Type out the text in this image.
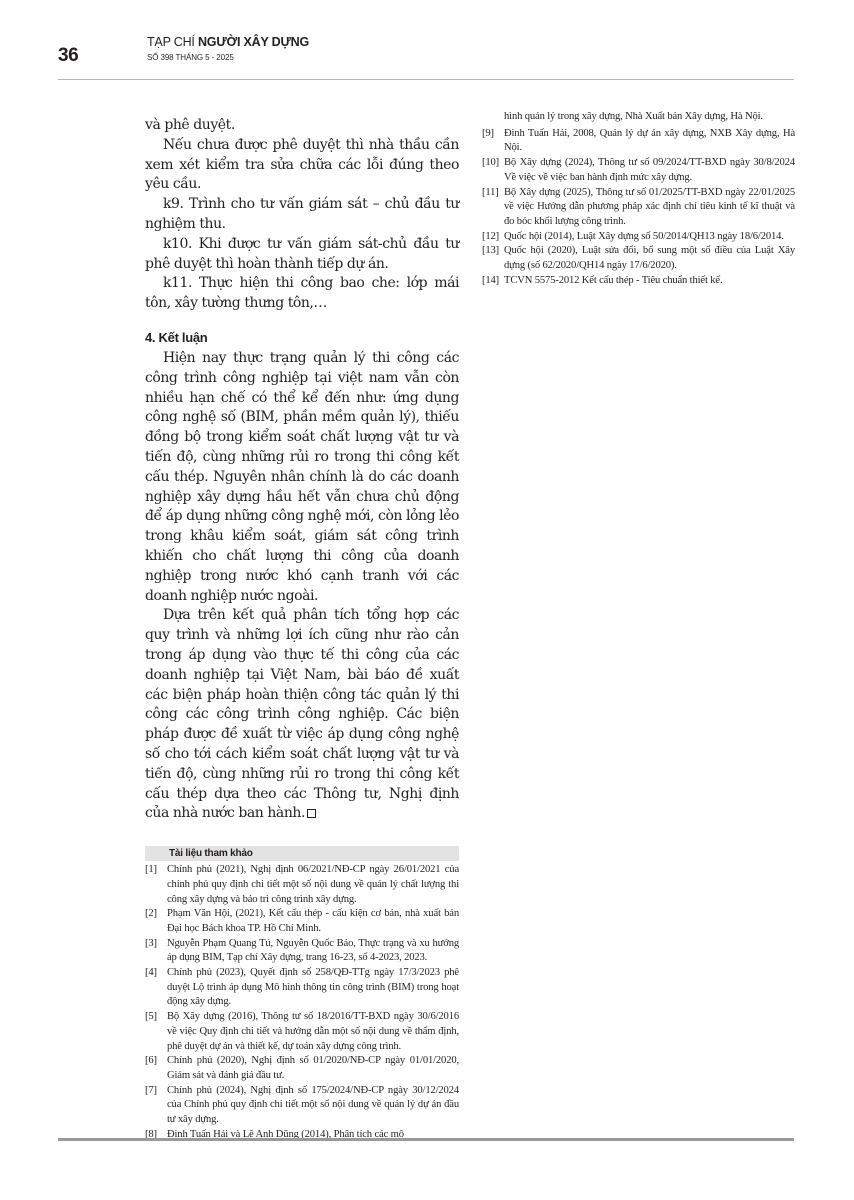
36
TẠP CHÍ NGƯỜI XÂY DỰNG
SỐ 398 THÁNG 5 - 2025

và phê duyệt.

Nếu chưa được phê duyệt thì nhà thầu cần xem xét kiểm tra sửa chữa các lỗi đúng theo yêu cầu.

k9. Trình cho tư vấn giám sát – chủ đầu tư nghiệm thu.

k10. Khi được tư vấn giám sát-chủ đầu tư phê duyệt thì hoàn thành tiếp dự án.

k11. Thực hiện thi công bao che: lớp mái tôn, xây tường thưng tôn,…

4. Kết luận

Hiện nay thực trạng quản lý thi công các công trình công nghiệp tại việt nam vẫn còn nhiều hạn chế có thể kể đến như: ứng dụng công nghệ số (BIM, phần mềm quản lý), thiếu đồng bộ trong kiểm soát chất lượng vật tư và tiến độ, cùng những rủi ro trong thi công kết cấu thép. Nguyên nhân chính là do các doanh nghiệp xây dựng hầu hết vẫn chưa chủ động để áp dụng những công nghệ mới, còn lỏng lẻo trong khâu kiểm soát, giám sát công trình khiến cho chất lượng thi công của doanh nghiệp trong nước khó cạnh tranh với các doanh nghiệp nước ngoài.

Dựa trên kết quả phân tích tổng hợp các quy trình và những lợi ích cũng như rào cản trong áp dụng vào thực tế thi công của các doanh nghiệp tại Việt Nam, bài báo đề xuất các biện pháp hoàn thiện công tác quản lý thi công các công trình công nghiệp. Các biện pháp được đề xuất từ việc áp dụng công nghệ số cho tới cách kiểm soát chất lượng vật tư và tiến độ, cùng những rủi ro trong thi công kết cấu thép dựa theo các Thông tư, Nghị định của nhà nước ban hành.

Tài liệu tham khảo
[1] Chính phủ (2021), Nghị định 06/2021/NĐ-CP ngày 26/01/2021 của chính phủ quy định chi tiết một số nội dung về quản lý chất lượng thi công xây dựng và bảo trì công trình xây dựng.
[2] Phạm Văn Hội, (2021), Kết cấu thép - cấu kiện cơ bản, nhà xuất bản Đại học Bách khoa TP. Hồ Chí Minh.
[3] Nguyễn Phạm Quang Tú, Nguyễn Quốc Bảo, Thực trạng và xu hướng áp dụng BIM, Tạp chí Xây dựng, trang 16-23, số 4-2023, 2023.
[4] Chính phủ (2023), Quyết định số 258/QĐ-TTg ngày 17/3/2023 phê duyệt Lộ trình áp dụng Mô hình thông tin công trình (BIM) trong hoạt động xây dựng.
[5] Bộ Xây dựng (2016), Thông tư số 18/2016/TT-BXD ngày 30/6/2016 về việc Quy định chi tiết và hướng dẫn một số nội dung về thẩm định, phê duyệt dự án và thiết kế, dự toán xây dựng công trình.
[6] Chính phủ (2020), Nghị định số 01/2020/NĐ-CP ngày 01/01/2020, Giám sát và đánh giá đầu tư.
[7] Chính phủ (2024), Nghị định số 175/2024/NĐ-CP ngày 30/12/2024 của Chính phủ quy định chi tiết một số nội dung về quản lý dự án đầu tư xây dựng.
[8] Đinh Tuấn Hải và Lê Anh Dũng (2014), Phân tích các mô
hình quản lý trong xây dựng, Nhà Xuất bản Xây dựng, Hà Nội.
[9] Đinh Tuấn Hải, 2008, Quản lý dự án xây dựng, NXB Xây dựng, Hà Nội.
[10] Bộ Xây dựng (2024), Thông tư số 09/2024/TT-BXD ngày 30/8/2024 Về việc về việc ban hành định mức xây dựng.
[11] Bộ Xây dựng (2025), Thông tư số 01/2025/TT-BXD ngày 22/01/2025 về việc Hướng dẫn phương pháp xác định chỉ tiêu kinh tế kĩ thuật và đo bóc khối lượng công trình.
[12] Quốc hội (2014), Luật Xây dựng số 50/2014/QH13 ngày 18/6/2014.
[13] Quốc hội (2020), Luật sửa đổi, bổ sung một số điều của Luật Xây dựng (số 62/2020/QH14 ngày 17/6/2020).
[14] TCVN 5575-2012 Kết cấu thép - Tiêu chuẩn thiết kế.
